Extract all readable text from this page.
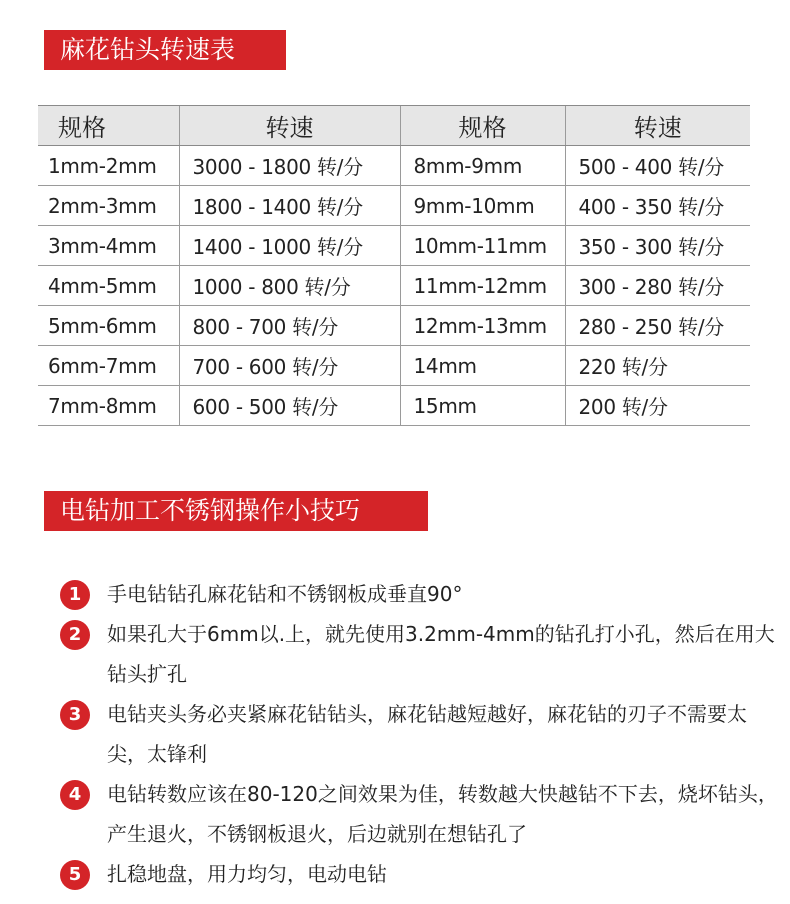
麻花钻头转速表
规格	转速	规格	转速
1mm-2mm	3000 - 1800 转/分	8mm-9mm	500 - 400 转/分
2mm-3mm	1800 - 1400 转/分	9mm-10mm	400 - 350 转/分
3mm-4mm	1400 - 1000 转/分	10mm-11mm	350 - 300 转/分
4mm-5mm	1000 - 800 转/分	11mm-12mm	300 - 280 转/分
5mm-6mm	800 - 700 转/分	12mm-13mm	280 - 250 转/分
6mm-7mm	700 - 600 转/分	14mm	220 转/分
7mm-8mm	600 - 500 转/分	15mm	200 转/分
电钻加工不锈钢操作小技巧
1	手电钻钻孔麻花钻和不锈钢板成垂直90°
2	如果孔大于6mm以.上，就先使用3.2mm-4mm的钻孔打小孔，然后在用大钻头扩孔
3	电钻夹头务必夹紧麻花钻钻头，麻花钻越短越好，麻花钻的刃子不需要太尖，太锋利
4	电钻转数应该在80-120之间效果为佳，转数越大快越钻不下去，烧坏钻头，产生退火，不锈钢板退火，后边就别在想钻孔了
5	扎稳地盘，用力均匀，电动电钻
